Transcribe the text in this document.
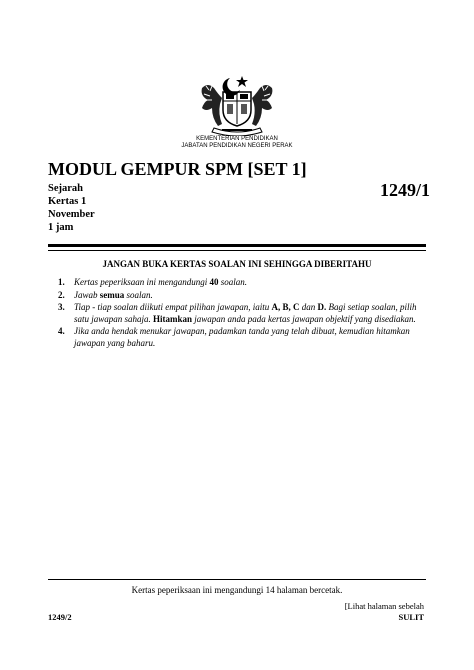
KEMENTERIAN PENDIDIKAN
JABATAN PENDIDIKAN NEGERI PERAK
MODUL GEMPUR SPM [SET 1]
Sejarah
Kertas 1
November
1 jam
1249/1
JANGAN BUKA KERTAS SOALAN INI SEHINGGA DIBERITAHU
1.	Kertas peperiksaan ini mengandungi 40 soalan.
2.	Jawab semua soalan.
3.	Tiap - tiap soalan diikuti empat pilihan jawapan, iaitu A, B, C dan D. Bagi setiap soalan, pilih satu jawapan sahaja. Hitamkan jawapan anda pada kertas jawapan objektif yang disediakan.
4.	Jika anda hendak menukar jawapan, padamkan tanda yang telah dibuat, kemudian hitamkan jawapan yang baharu.
Kertas peperiksaan ini mengandungi 14 halaman bercetak.
[Lihat halaman sebelah
1249/2	SULIT
